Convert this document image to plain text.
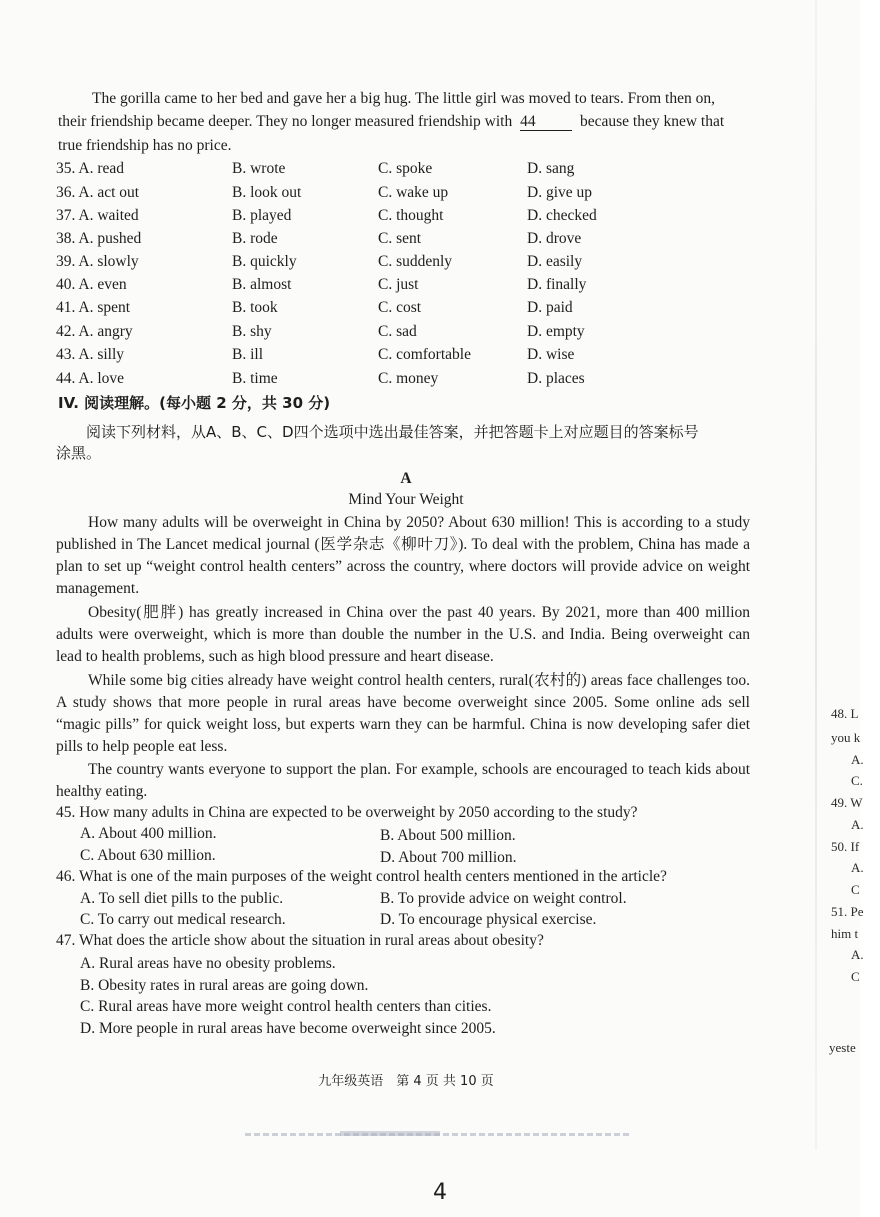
The gorilla came to her bed and gave her a big hug. The little girl was moved to tears. From then on,

their friendship became deeper. They no longer measured friendship with 44	because they knew that

true friendship has no price.

35. A. read	B. wrote	C. spoke	D. sang
36. A. act out	B. look out	C. wake up	D. give up
37. A. waited	B. played	C. thought	D. checked
38. A. pushed	B. rode	C. sent	D. drove
39. A. slowly	B. quickly	C. suddenly	D. easily
40. A. even	B. almost	C. just	D. finally
41. A. spent	B. took	C. cost	D. paid
42. A. angry	B. shy	C. sad	D. empty
43. A. silly	B. ill	C. comfortable	D. wise
44. A. love	B. time	C. money	D. places
IV. 阅读理解。(每小题 2 分，共 30 分)
阅读下列材料，从A、B、C、D四个选项中选出最佳答案，并把答题卡上对应题目的答案标号
涂黑。
A
Mind Your Weight

How many adults will be overweight in China by 2050? About 630 million! This is according to a study published in The Lancet medical journal (医学杂志《柳叶刀》). To deal with the problem, China has made a plan to set up “weight control health centers” across the country, where doctors will provide advice on weight management.

Obesity(肥胖) has greatly increased in China over the past 40 years. By 2021, more than 400 million adults were overweight, which is more than double the number in the U.S. and India. Being overweight can lead to health problems, such as high blood pressure and heart disease.

While some big cities already have weight control health centers, rural(农村的) areas face challenges too. A study shows that more people in rural areas have become overweight since 2005. Some online ads sell “magic pills” for quick weight loss, but experts warn they can be harmful. China is now developing safer diet pills to help people eat less.

The country wants everyone to support the plan. For example, schools are encouraged to teach kids about healthy eating.

45. How many adults in China are expected to be overweight by 2050 according to the study?
A. About 400 million.	B. About 500 million.
C. About 630 million.	D. About 700 million.
46. What is one of the main purposes of the weight control health centers mentioned in the article?
A. To sell diet pills to the public.	B. To provide advice on weight control.
C. To carry out medical research.	D. To encourage physical exercise.
47. What does the article show about the situation in rural areas about obesity?
A. Rural areas have no obesity problems.
B. Obesity rates in rural areas are going down.
C. Rural areas have more weight control health centers than cities.
D. More people in rural areas have become overweight since 2005.
九年级英语　第 4 页 共 10 页
48. L
you k
A.
C.
49. W
A.
50. If
A.
C
51. Pe
him t
A.
C
yeste
4
